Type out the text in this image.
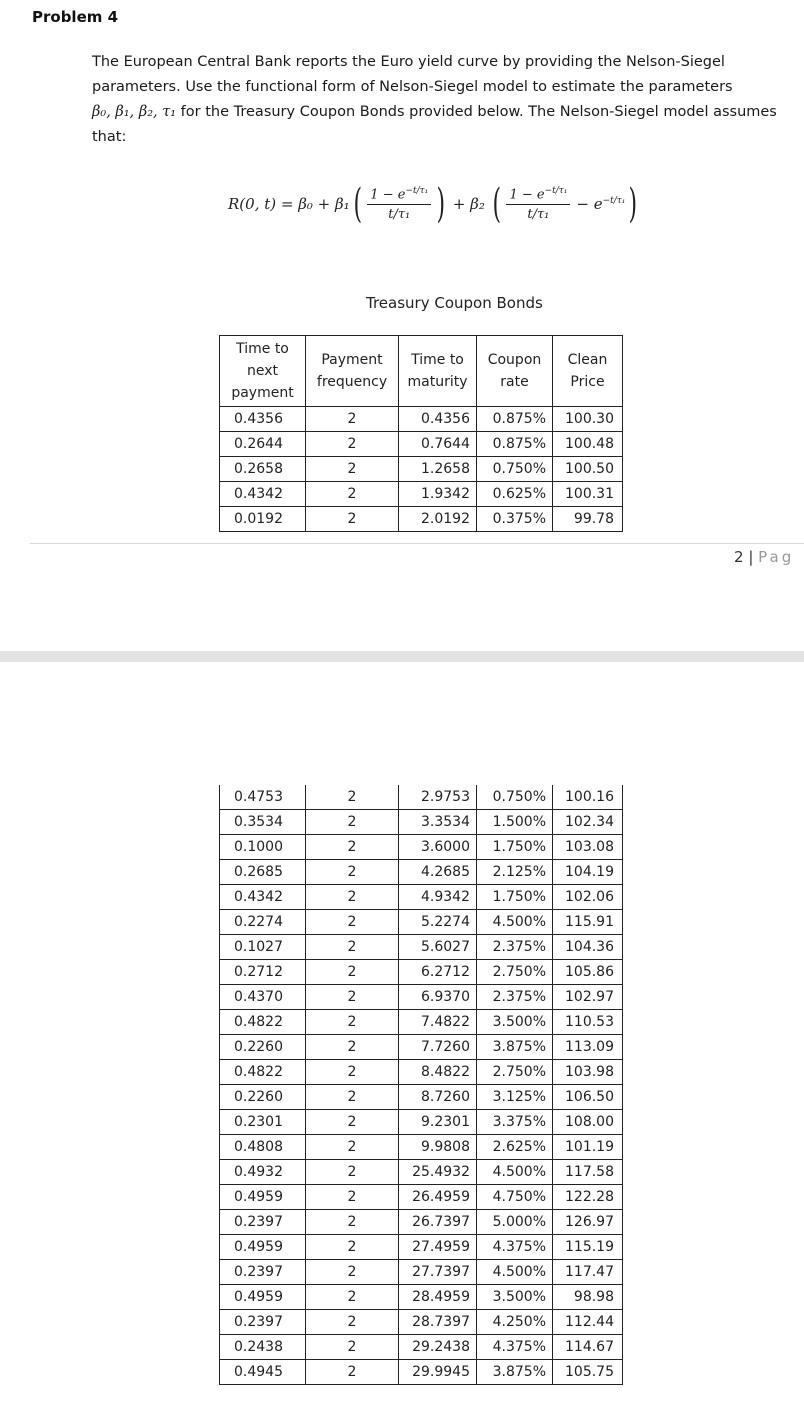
Problem 4
The European Central Bank reports the Euro yield curve by providing the Nelson-Siegel
parameters. Use the functional form of Nelson-Siegel model to estimate the parameters
β₀, β₁, β₂, τ₁ for the Treasury Coupon Bonds provided below. The Nelson-Siegel model assumes
that:
R(0, t) = β₀ + β₁ ( $\frac{1 - e^{-t/\tau_1}}{\text{t/τ₁}}$ ) + β₂ ( $\frac{1 - e^{-t/\tau_1}}{\text{t/τ₁}} - e^{-t/\tau_1}$ )
Treasury Coupon Bonds
Time to next payment	Payment frequency	Time to maturity	Coupon rate	Clean Price
0.4356	2	0.4356	0.875%	100.30
0.2644	2	0.7644	0.875%	100.48
0.2658	2	1.2658	0.750%	100.50
0.4342	2	1.9342	0.625%	100.31
0.0192	2	2.0192	0.375%	99.78
2 | Pag
0.4753	2	2.9753	0.750%	100.16
0.3534	2	3.3534	1.500%	102.34
0.1000	2	3.6000	1.750%	103.08
0.2685	2	4.2685	2.125%	104.19
0.4342	2	4.9342	1.750%	102.06
0.2274	2	5.2274	4.500%	115.91
0.1027	2	5.6027	2.375%	104.36
0.2712	2	6.2712	2.750%	105.86
0.4370	2	6.9370	2.375%	102.97
0.4822	2	7.4822	3.500%	110.53
0.2260	2	7.7260	3.875%	113.09
0.4822	2	8.4822	2.750%	103.98
0.2260	2	8.7260	3.125%	106.50
0.2301	2	9.2301	3.375%	108.00
0.4808	2	9.9808	2.625%	101.19
0.4932	2	25.4932	4.500%	117.58
0.4959	2	26.4959	4.750%	122.28
0.2397	2	26.7397	5.000%	126.97
0.4959	2	27.4959	4.375%	115.19
0.2397	2	27.7397	4.500%	117.47
0.4959	2	28.4959	3.500%	98.98
0.2397	2	28.7397	4.250%	112.44
0.2438	2	29.2438	4.375%	114.67
0.4945	2	29.9945	3.875%	105.75
